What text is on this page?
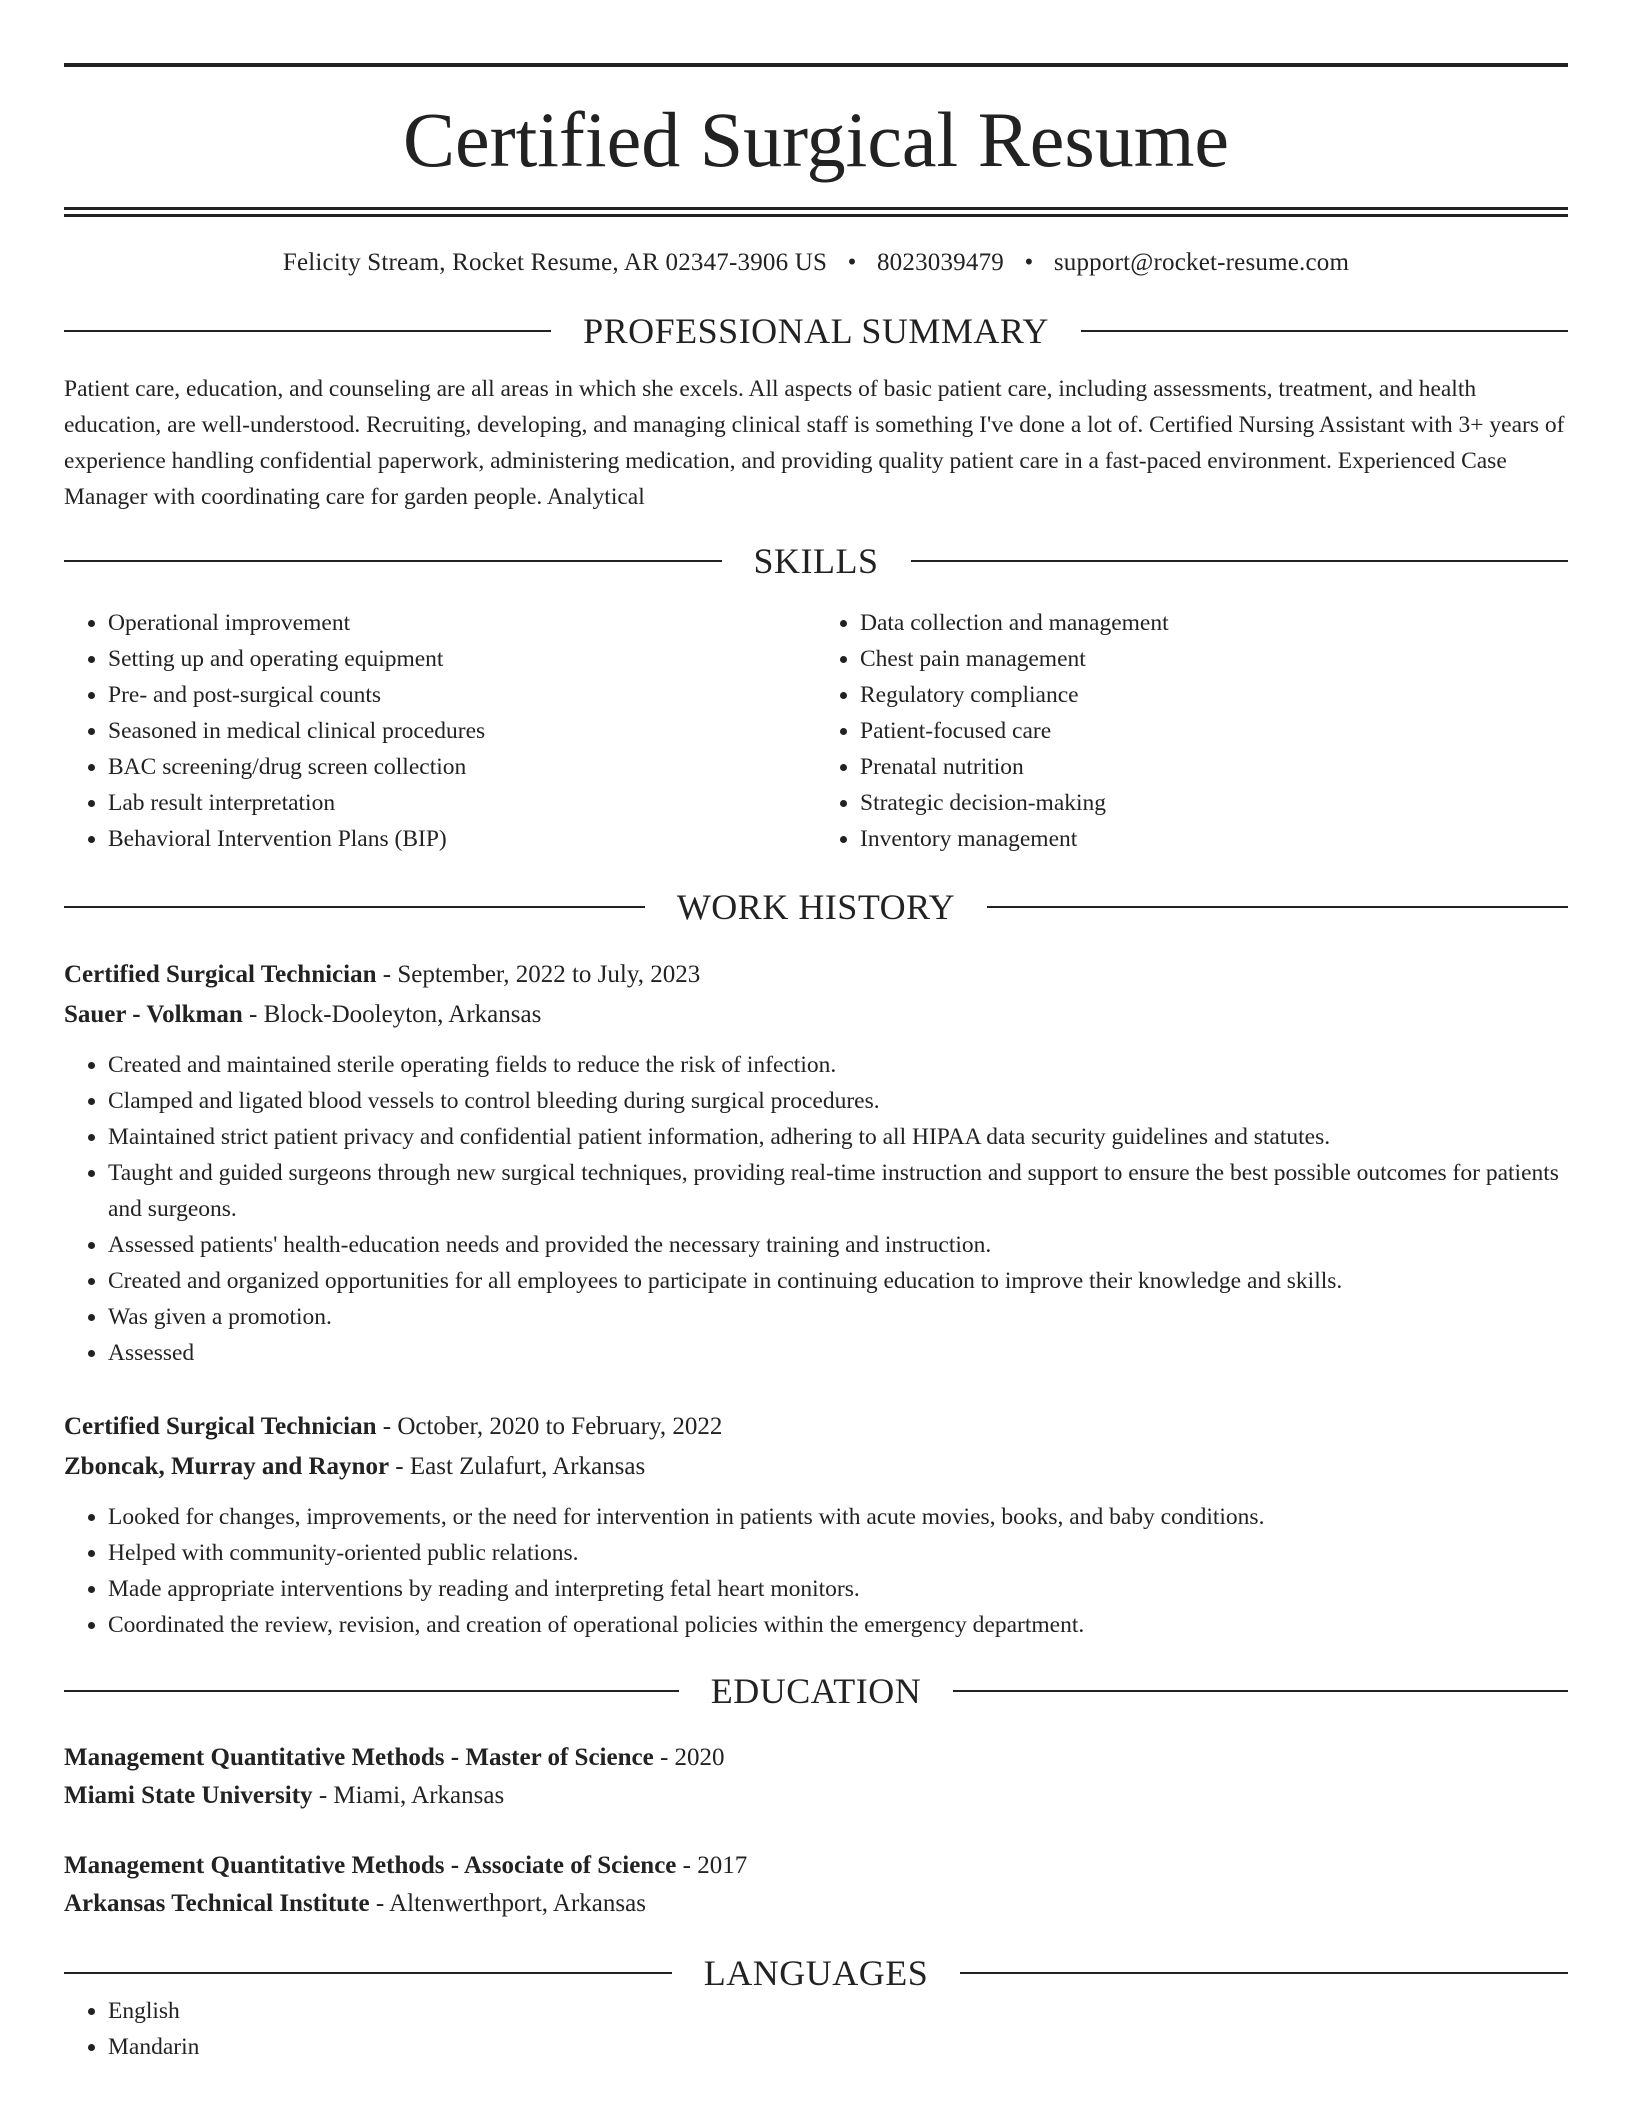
Certified Surgical Resume
Felicity Stream, Rocket Resume, AR 02347-3906 US • 8023039479 • support@rocket-resume.com
PROFESSIONAL SUMMARY

Patient care, education, and counseling are all areas in which she excels. All aspects of basic patient care, including assessments, treatment, and health education, are well-understood. Recruiting, developing, and managing clinical staff is something I've done a lot of. Certified Nursing Assistant with 3+ years of experience handling confidential paperwork, administering medication, and providing quality patient care in a fast-paced environment. Experienced Case Manager with coordinating care for garden people. Analytical

SKILLS
• Operational improvement
• Setting up and operating equipment
• Pre- and post-surgical counts
• Seasoned in medical clinical procedures
• BAC screening/drug screen collection
• Lab result interpretation
• Behavioral Intervention Plans (BIP)
• Data collection and management
• Chest pain management
• Regulatory compliance
• Patient-focused care
• Prenatal nutrition
• Strategic decision-making
• Inventory management
WORK HISTORY
Certified Surgical Technician - September, 2022 to July, 2023
Sauer - Volkman - Block-Dooleyton, Arkansas
• Created and maintained sterile operating fields to reduce the risk of infection.
• Clamped and ligated blood vessels to control bleeding during surgical procedures.
• Maintained strict patient privacy and confidential patient information, adhering to all HIPAA data security guidelines and statutes.
• Taught and guided surgeons through new surgical techniques, providing real-time instruction and support to ensure the best possible outcomes for patients and surgeons.
• Assessed patients' health-education needs and provided the necessary training and instruction.
• Created and organized opportunities for all employees to participate in continuing education to improve their knowledge and skills.
• Was given a promotion.
• Assessed
Certified Surgical Technician - October, 2020 to February, 2022
Zboncak, Murray and Raynor - East Zulafurt, Arkansas
• Looked for changes, improvements, or the need for intervention in patients with acute movies, books, and baby conditions.
• Helped with community-oriented public relations.
• Made appropriate interventions by reading and interpreting fetal heart monitors.
• Coordinated the review, revision, and creation of operational policies within the emergency department.
EDUCATION
Management Quantitative Methods - Master of Science - 2020
Miami State University - Miami, Arkansas
Management Quantitative Methods - Associate of Science - 2017
Arkansas Technical Institute - Altenwerthport, Arkansas
LANGUAGES
• English
• Mandarin
